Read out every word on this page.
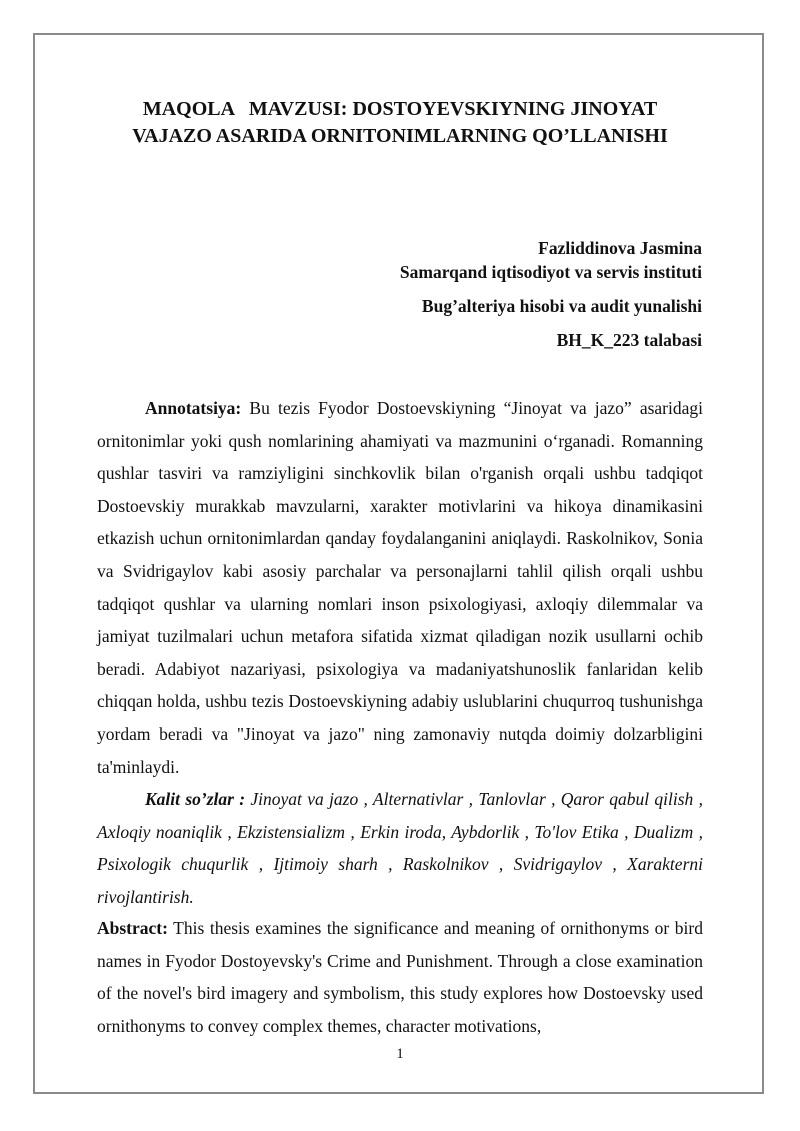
MAQOLA   MAVZUSI: DOSTOYEVSKIYNING JINOYAT
VAJAZO ASARIDA ORNITONIMLARNING QO’LLANISHI
Fazliddinova Jasmina
Samarqand iqtisodiyot va servis instituti
Bug’alteriya hisobi va audit yunalishi
BH_K_223 talabasi

Annotatsiya: Bu tezis Fyodor Dostoevskiyning “Jinoyat va jazo” asaridagi ornitonimlar yoki qush nomlarining ahamiyati va mazmunini o‘rganadi. Romanning qushlar tasviri va ramziyligini sinchkovlik bilan o'rganish orqali ushbu tadqiqot Dostoevskiy murakkab mavzularni, xarakter motivlarini va hikoya dinamikasini etkazish uchun ornitonimlardan qanday foydalanganini aniqlaydi. Raskolnikov, Sonia va Svidrigaylov kabi asosiy parchalar va personajlarni tahlil qilish orqali ushbu tadqiqot qushlar va ularning nomlari inson psixologiyasi, axloqiy dilemmalar va jamiyat tuzilmalari uchun metafora sifatida xizmat qiladigan nozik usullarni ochib beradi. Adabiyot nazariyasi, psixologiya va madaniyatshunoslik fanlaridan kelib chiqqan holda, ushbu tezis Dostoevskiyning adabiy uslublarini chuqurroq tushunishga yordam beradi va "Jinoyat va jazo" ning zamonaviy nutqda doimiy dolzarbligini ta'minlaydi.

Kalit so’zlar : Jinoyat va jazo , Alternativlar , Tanlovlar , Qaror qabul qilish , Axloqiy noaniqlik , Ekzistensializm , Erkin iroda, Aybdorlik , To'lov Etika , Dualizm , Psixologik chuqurlik , Ijtimoiy sharh , Raskolnikov , Svidrigaylov , Xarakterni rivojlantirish.

Abstract: This thesis examines the significance and meaning of ornithonyms or bird names in Fyodor Dostoyevsky's Crime and Punishment. Through a close examination of the novel's bird imagery and symbolism, this study explores how Dostoevsky used ornithonyms to convey complex themes, character motivations,

1
